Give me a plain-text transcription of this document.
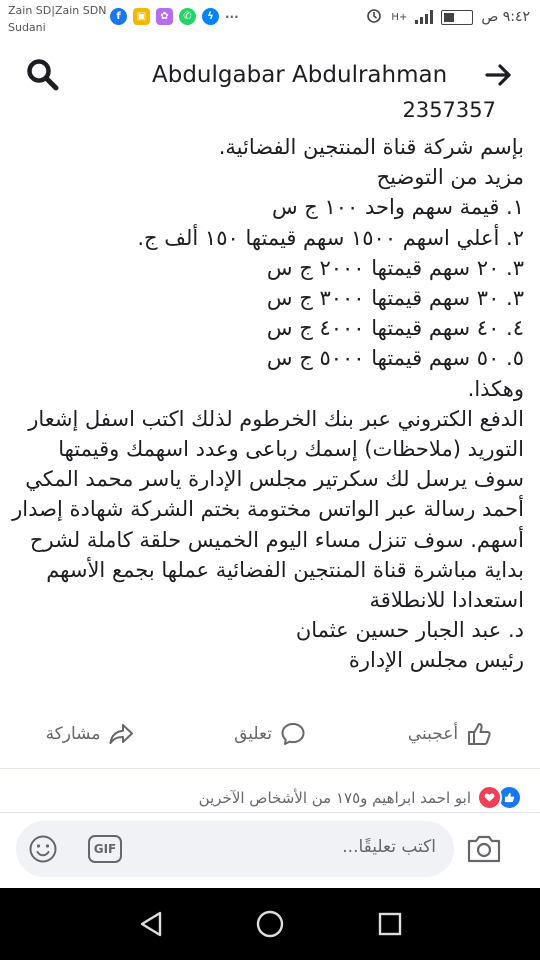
Zain SD|Zain SDN
Sudani
f	▣	✿	✆	ϟ ···	H+	٩:٤٢ ص
Abdulgabar Abdulrahman
2357357
بإسم شركة قناة المنتجين الفضائية.
مزيد من التوضيح
١. قيمة سهم واحد ١٠٠ ج س
٢. أعلي اسهم ١٥٠٠ سهم قيمتها ١٥٠ ألف ج.
٣. ٢٠ سهم قيمتها ٢٠٠٠ ج س
٣. ٣٠ سهم قيمتها ٣٠٠٠ ج س
٤. ٤٠ سهم قيمتها ٤٠٠٠ ج س
٥. ٥٠ سهم قيمتها ٥٠٠٠ ج س
وهكذا.
الدفع الكتروني عبر بنك الخرطوم لذلك اكتب اسفل إشعار
التوريد (ملاحظات) إسمك رباعى وعدد اسهمك وقيمتها
سوف يرسل لك سكرتير مجلس الإدارة ياسر محمد المكي
أحمد رسالة عبر الواتس مختومة بختم الشركة شهادة إصدار
أسهم. سوف تنزل مساء اليوم الخميس حلقة كاملة لشرح
بداية مباشرة قناة المنتجين الفضائية عملها بجمع الأسهم
استعدادا للانطلاقة
د. عبد الجبار حسين عثمان
رئيس مجلس الإدارة
أعجبني
تعليق
مشاركة
ابو احمد ابراهيم و١٧٥ من الأشخاص الآخرين
GIF	اكتب تعليقًا...
